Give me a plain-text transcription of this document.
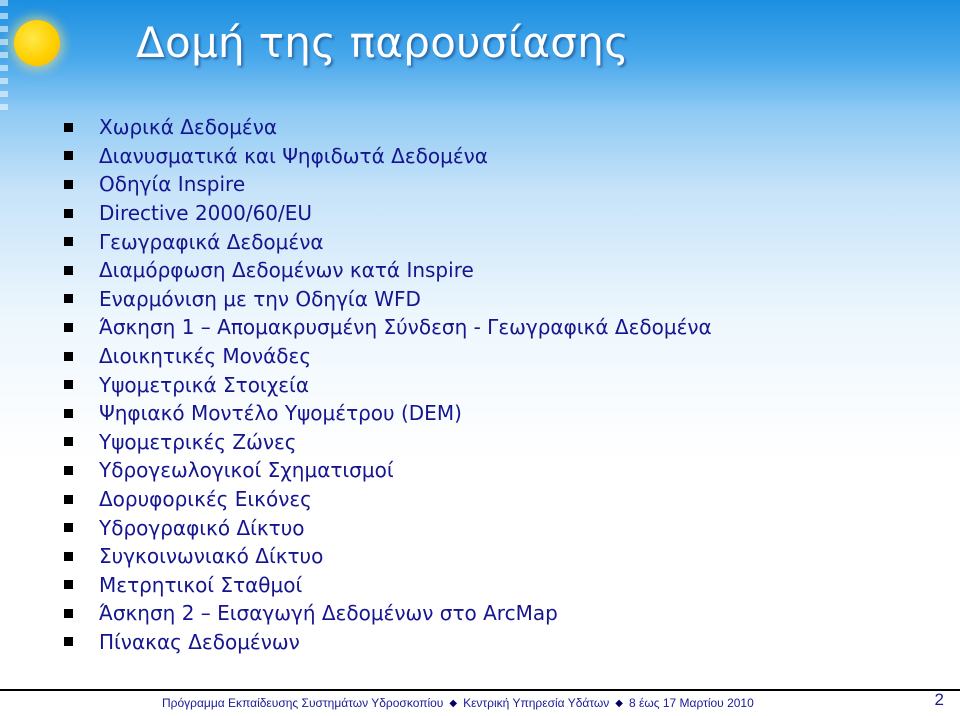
Δομή της παρουσίασης
Χωρικά Δεδομένα
Διανυσματικά και Ψηφιδωτά Δεδομένα
Οδηγία Inspire
Directive 2000/60/EU
Γεωγραφικά Δεδομένα
Διαμόρφωση Δεδομένων κατά Inspire
Εναρμόνιση με την Οδηγία WFD
Άσκηση 1 – Απομακρυσμένη Σύνδεση - Γεωγραφικά Δεδομένα
Διοικητικές Μονάδες
Υψομετρικά Στοιχεία
Ψηφιακό Μοντέλο Υψομέτρου (DEM)
Υψομετρικές Ζώνες
Υδρογεωλογικοί Σχηματισμοί
Δορυφορικές Εικόνες
Υδρογραφικό Δίκτυο
Συγκοινωνιακό Δίκτυο
Μετρητικοί Σταθμοί
Άσκηση 2 – Εισαγωγή Δεδομένων στο ArcMap
Πίνακας Δεδομένων
Πρόγραμμα Εκπαίδευσης Συστημάτων Υδροσκοπίου ◆ Κεντρική Υπηρεσία Υδάτων ◆ 8 έως 17 Μαρτίου 2010	2
